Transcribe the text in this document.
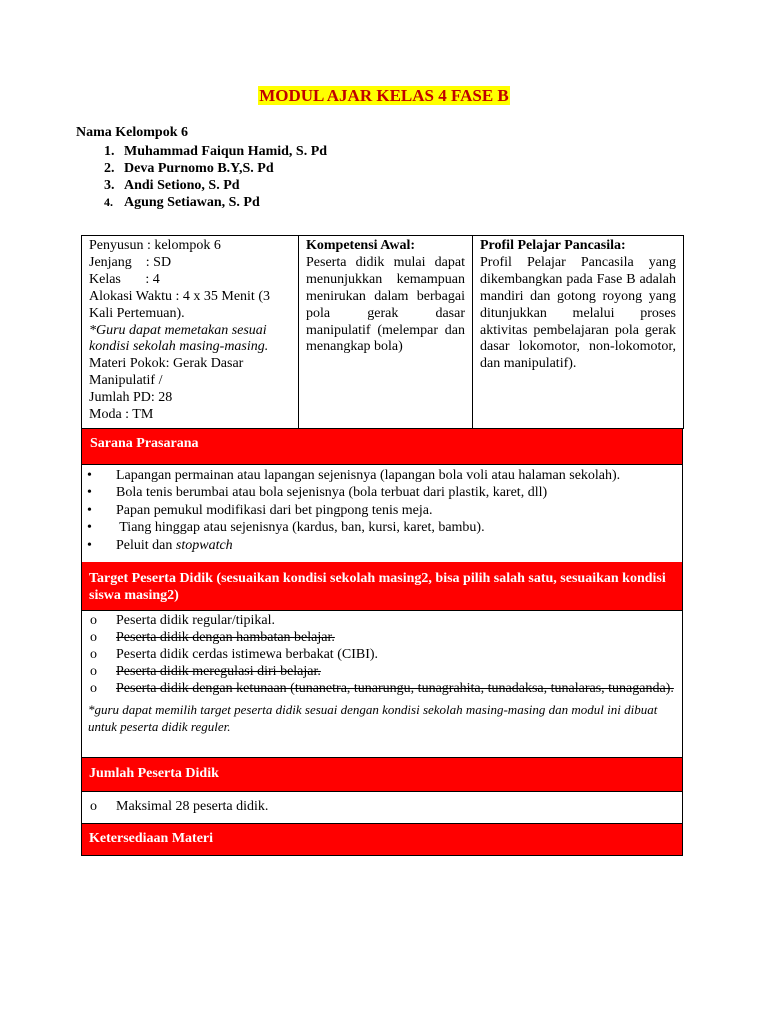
MODUL AJAR KELAS 4 FASE B
Nama Kelompok 6
1. Muhammad Faiqun Hamid, S. Pd
2. Deva Purnomo B.Y,S. Pd
3. Andi Setiono, S. Pd
4. Agung Setiawan, S. Pd
Penyusun : kelompok 6
Jenjang    : SD
Kelas       : 4
Alokasi Waktu : 4 x 35 Menit (3 Kali Pertemuan).
*Guru dapat memetakan sesuai kondisi sekolah masing-masing. Materi Pokok: Gerak Dasar Manipulatif /
Jumlah PD: 28
Moda : TM

Kompetensi Awal:
Peserta didik mulai dapat menunjukkan kemampuan menirukan dalam berbagai pola gerak dasar manipulatif (melempar dan menangkap bola)

Profil Pelajar Pancasila:
Profil Pelajar Pancasila yang dikembangkan pada Fase B adalah mandiri dan gotong royong yang ditunjukkan melalui proses aktivitas pembelajaran pola gerak dasar lokomotor, non-lokomotor, dan manipulatif).
Sarana Prasarana
• Lapangan permainan atau lapangan sejenisnya (lapangan bola voli atau halaman sekolah).
• Bola tenis berumbai atau bola sejenisnya (bola terbuat dari plastik, karet, dll)
• Papan pemukul modifikasi dari bet pingpong tenis meja.
•  Tiang hinggap atau sejenisnya (kardus, ban, kursi, karet, bambu).
• Peluit dan stopwatch
Target Peserta Didik (sesuaikan kondisi sekolah masing2, bisa pilih salah satu, sesuaikan kondisi siswa masing2)
o Peserta didik regular/tipikal.
o Peserta didik dengan hambatan belajar.
o Peserta didik cerdas istimewa berbakat (CIBI).
o Peserta didik meregulasi diri belajar.
o Peserta didik dengan ketunaan (tunanetra, tunarungu, tunagrahita, tunadaksa, tunalaras, tunaganda).
*guru dapat memilih target peserta didik sesuai dengan kondisi sekolah masing-masing dan modul ini dibuat untuk peserta didik reguler.
Jumlah Peserta Didik
o Maksimal 28 peserta didik.
Ketersediaan Materi
